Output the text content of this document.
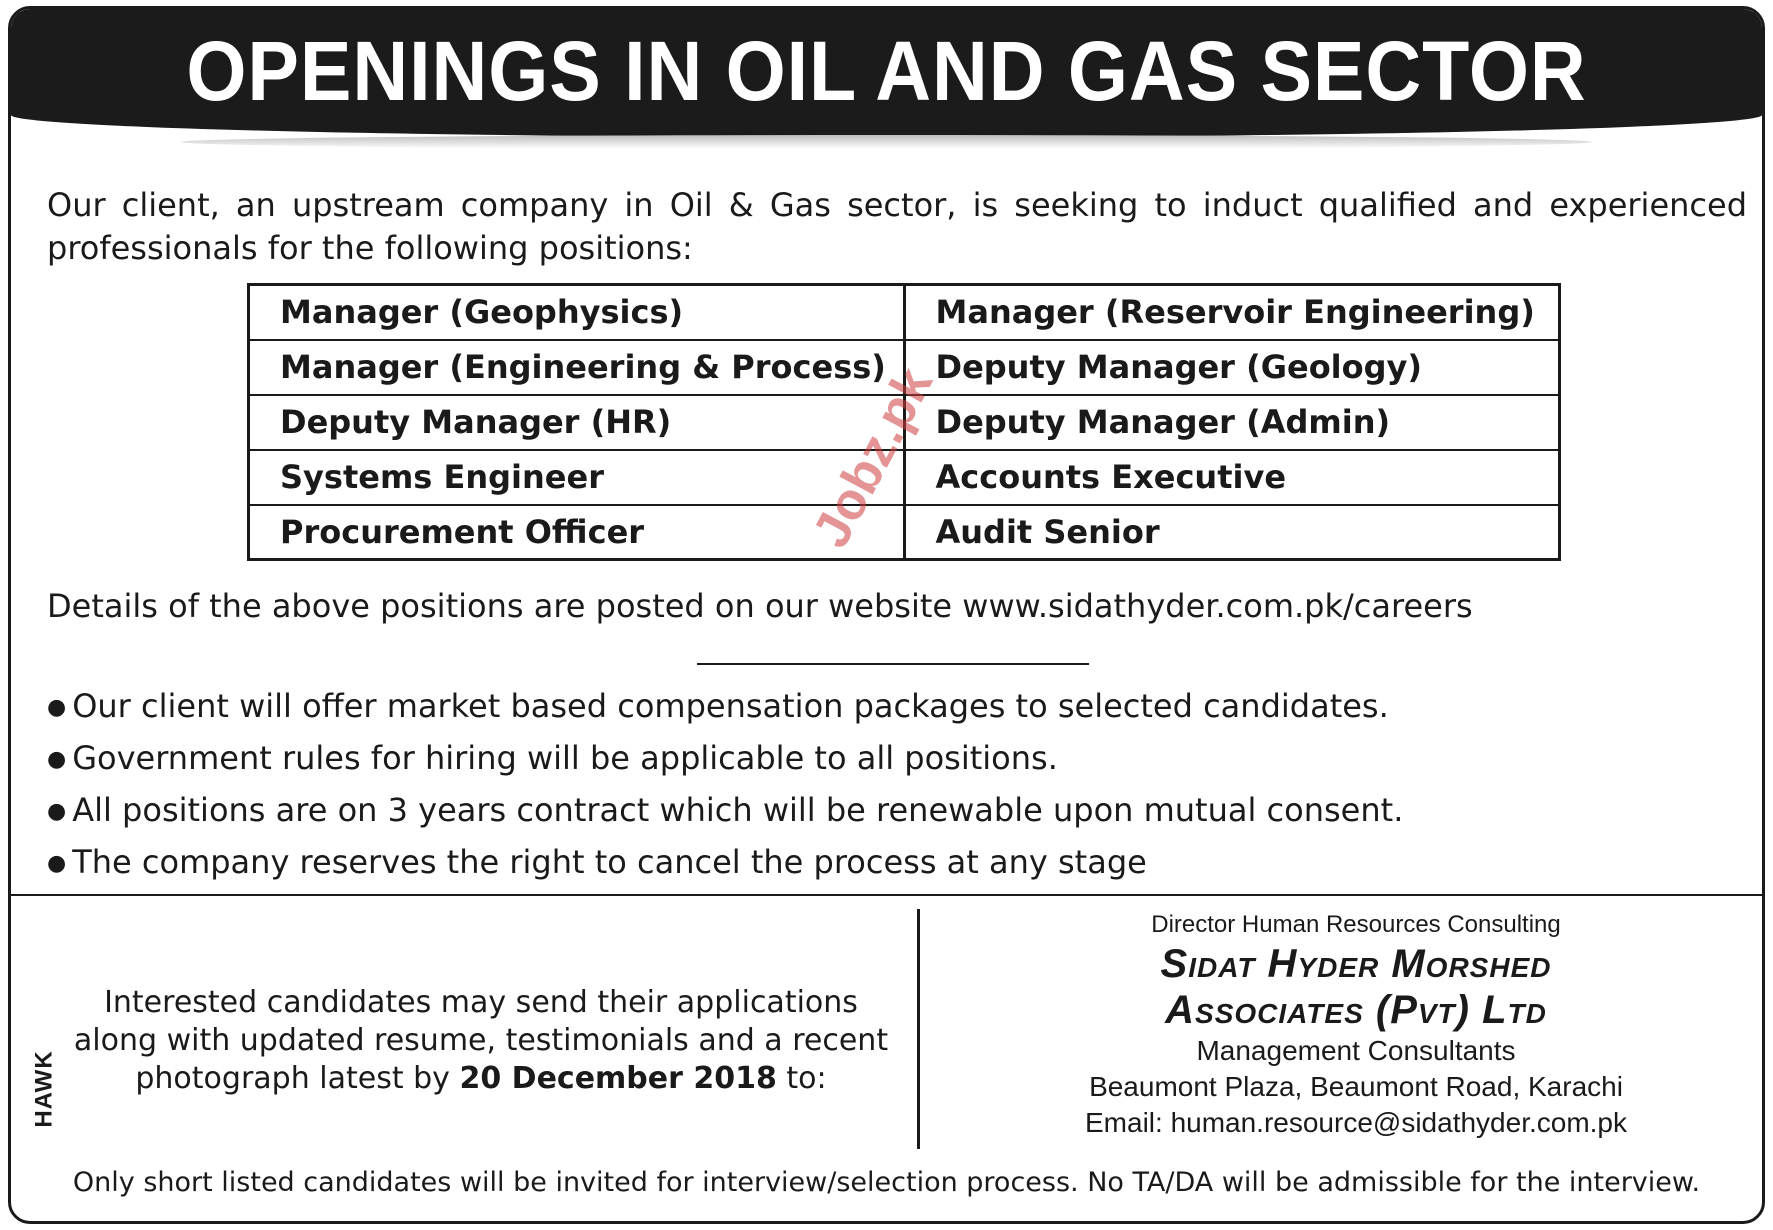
OPENINGS IN OIL AND GAS SECTOR
Our client, an upstream company in Oil & Gas sector, is seeking to induct qualified and experienced professionals for the following positions:
Manager (Geophysics)	Manager (Reservoir Engineering)
Manager (Engineering & Process)	Deputy Manager (Geology)
Deputy Manager (HR)	Deputy Manager (Admin)
Systems Engineer	Accounts Executive
Procurement Officer	Audit Senior
Details of the above positions are posted on our website www.sidathyder.com.pk/careers
● Our client will offer market based compensation packages to selected candidates.
● Government rules for hiring will be applicable to all positions.
● All positions are on 3 years contract which will be renewable upon mutual consent.
● The company reserves the right to cancel the process at any stage
Interested candidates may send their applications
along with updated resume, testimonials and a recent
photograph latest by 20 December 2018 to:
HAWK
Director Human Resources Consulting
Sidat Hyder Morshed
Associates (Pvt) Ltd
Management Consultants
Beaumont Plaza, Beaumont Road, Karachi
Email: human.resource@sidathyder.com.pk
Only short listed candidates will be invited for interview/selection process. No TA/DA will be admissible for the interview.
Jobz.pk
